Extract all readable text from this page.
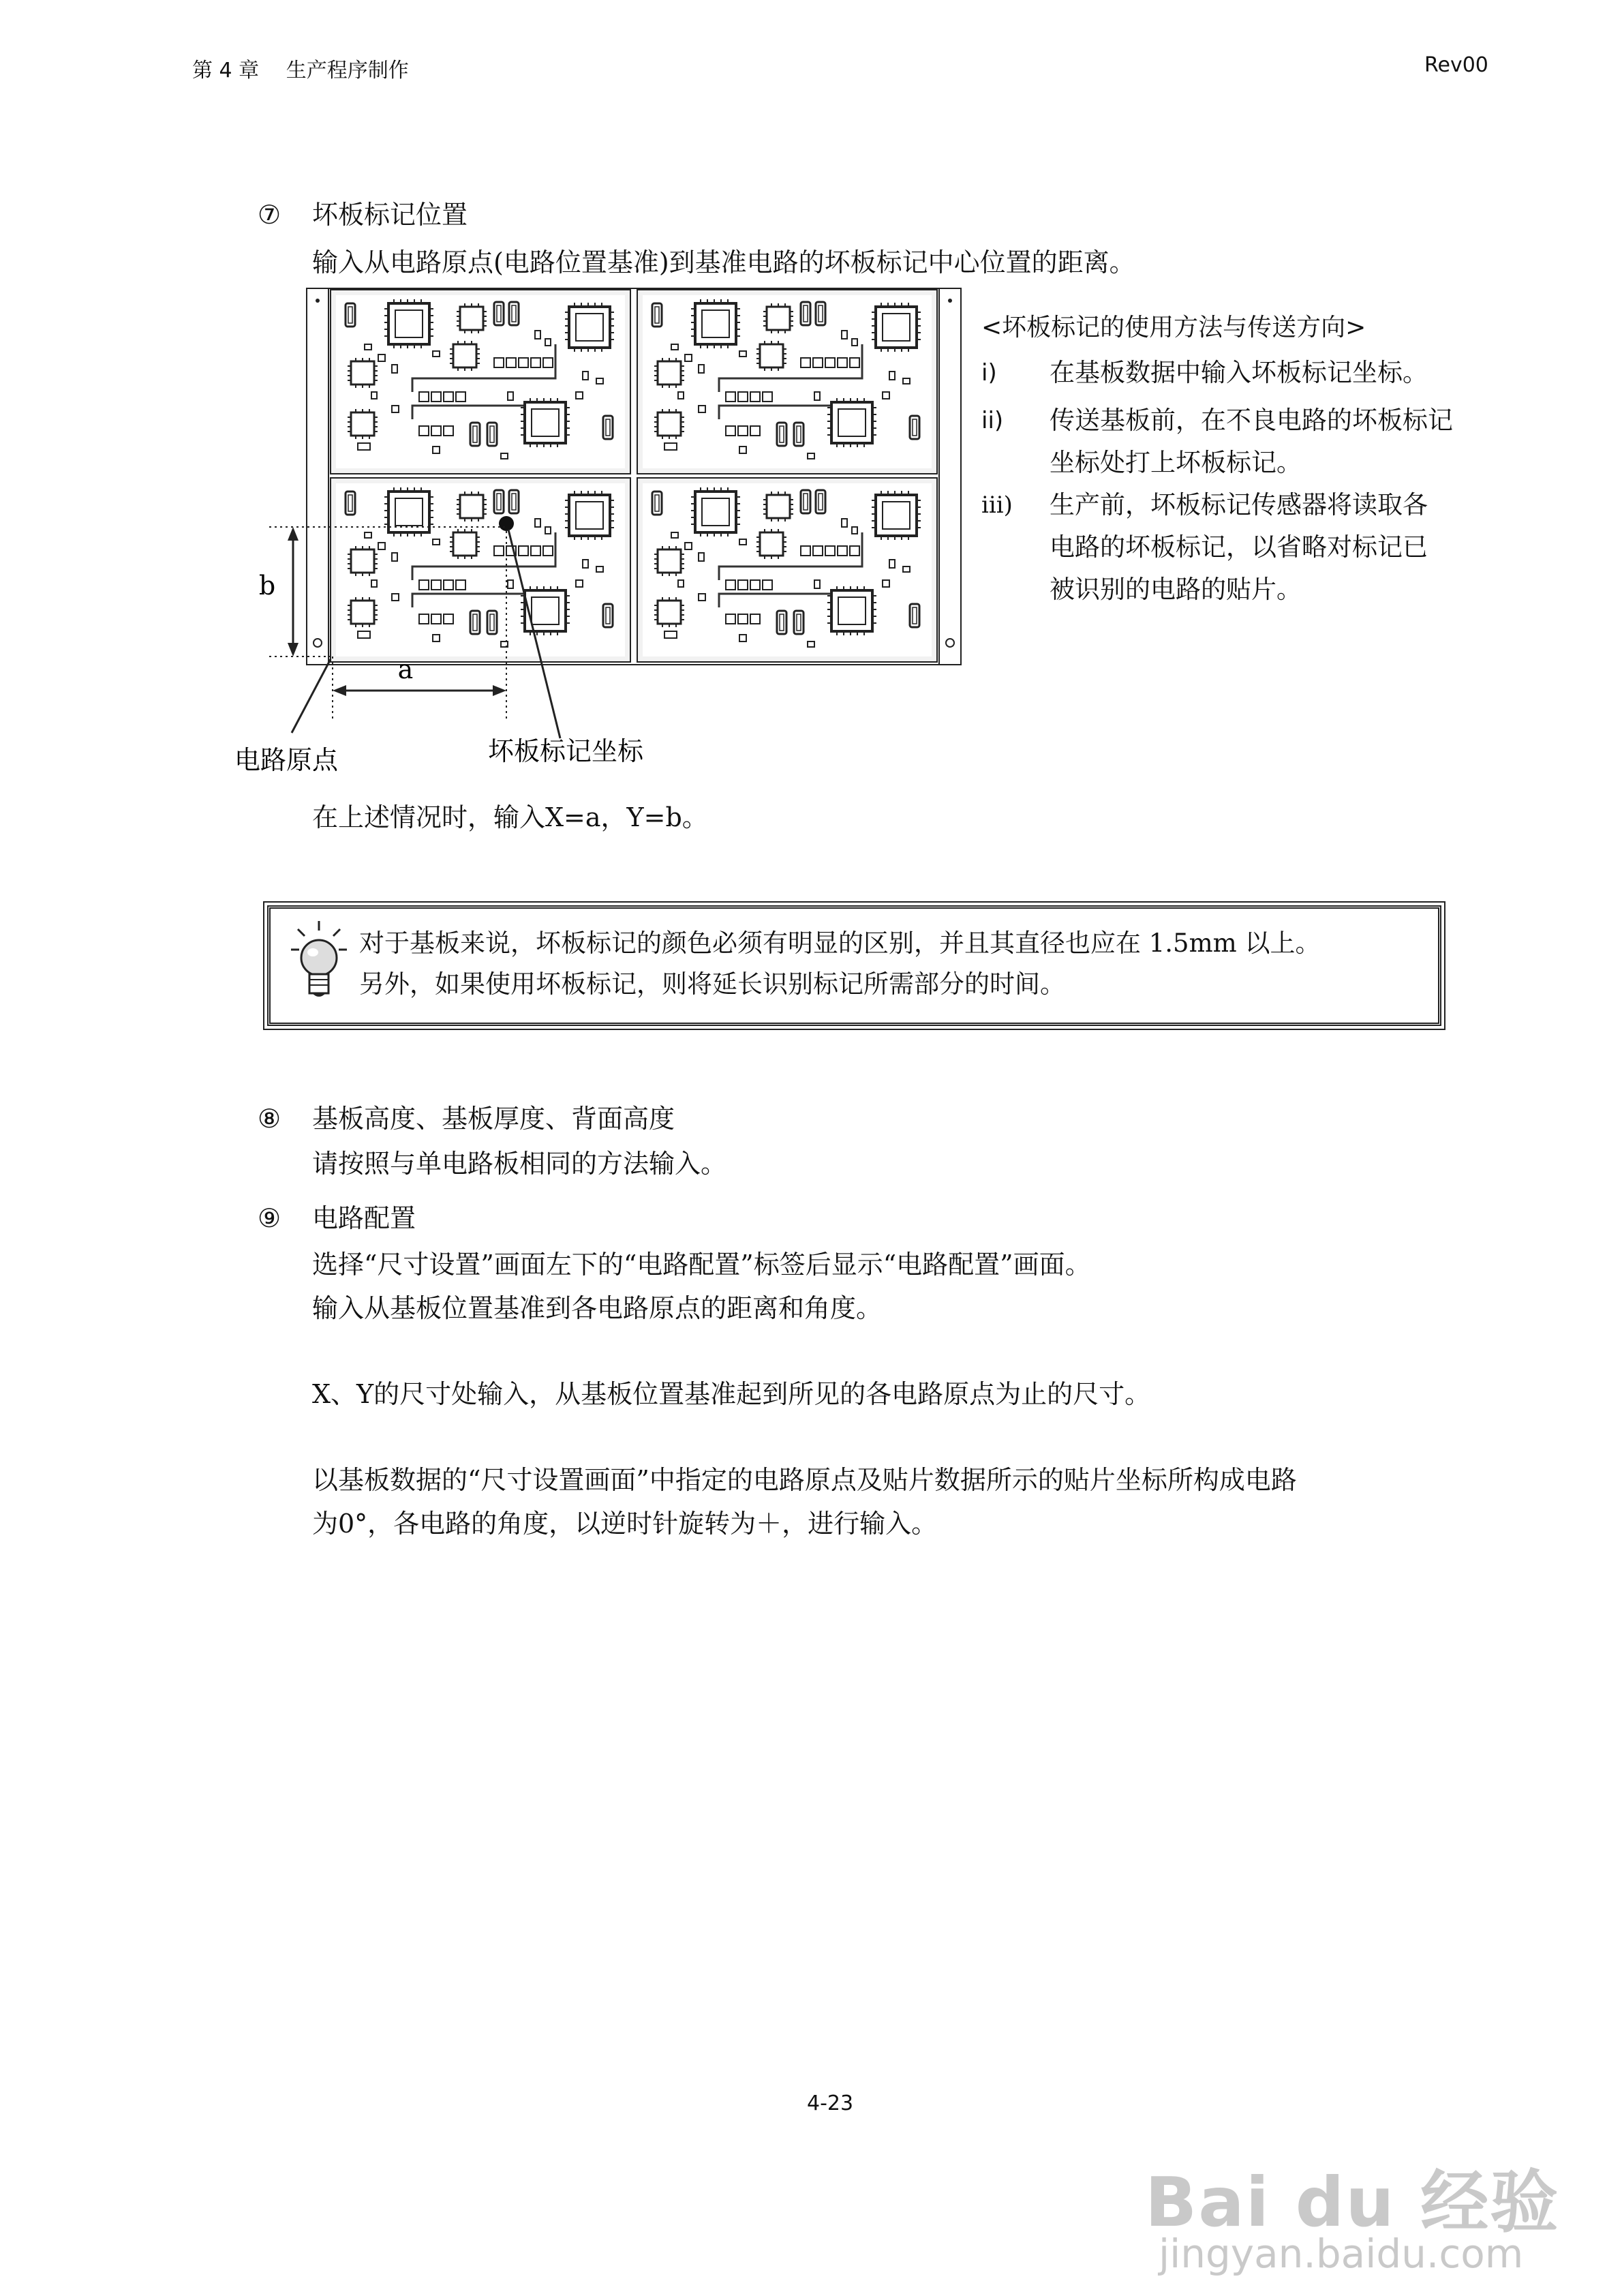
第 4 章　 生产程序制作	Rev00
⑦ 坏板标记位置
输入从电路原点(电路位置基准)到基准电路的坏板标记中心位置的距离。
b
a
电路原点	坏板标记坐标
<坏板标记的使用方法与传送方向>
i)	在基板数据中输入坏板标记坐标。
ii)	传送基板前，在不良电路的坏板标记
坐标处打上坏板标记。
iii)	生产前，坏板标记传感器将读取各
电路的坏板标记，以省略对标记已
被识别的电路的贴片。
在上述情况时，输入X=a，Y=b。
对于基板来说，坏板标记的颜色必须有明显的区别，并且其直径也应在 1.5mm 以上。
另外，如果使用坏板标记，则将延长识别标记所需部分的时间。
⑧ 基板高度、基板厚度、背面高度
请按照与单电路板相同的方法输入。
⑨ 电路配置
选择“尺寸设置”画面左下的“电路配置”标签后显示“电路配置”画面。
输入从基板位置基准到各电路原点的距离和角度。
X、Y的尺寸处输入，从基板位置基准起到所见的各电路原点为止的尺寸。
以基板数据的“尺寸设置画面”中指定的电路原点及贴片数据所示的贴片坐标所构成电路
为0°，各电路的角度，以逆时针旋转为＋，进行输入。
4-23
Bai du 经验
jingyan.baidu.com
